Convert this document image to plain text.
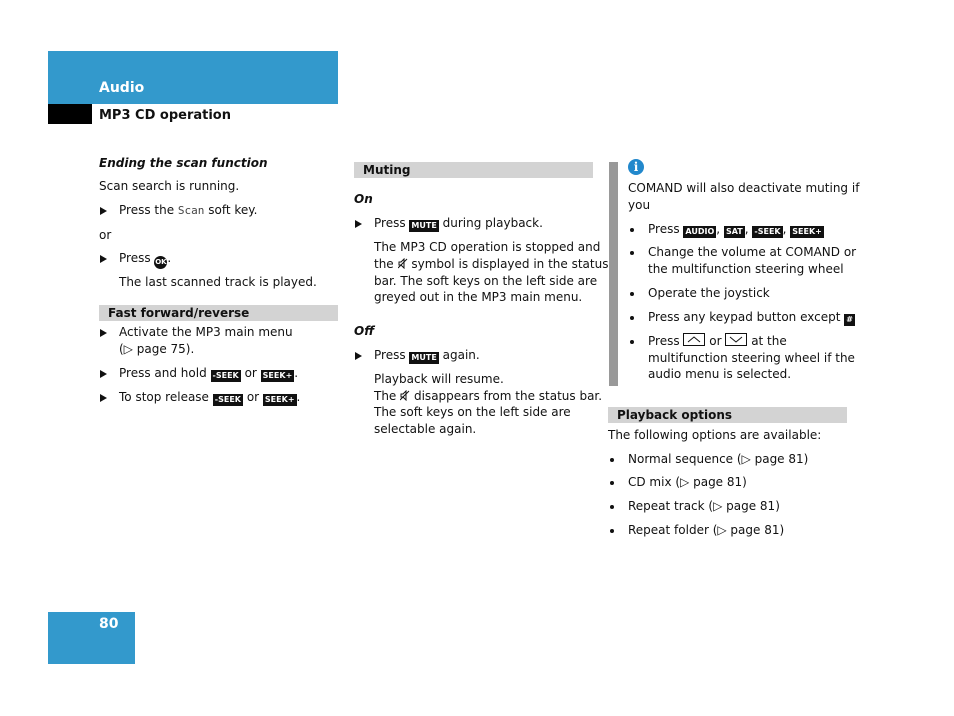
Audio
MP3 CD operation
Ending the scan function
Scan search is running.
Press the Scan soft key.
or
Press OK.
The last scanned track is played.
Fast forward/reverse
Activate the MP3 main menu
(▷ page 75).
Press and hold -SEEK or SEEK+ .
To stop release -SEEK or SEEK+ .
Muting
On
Press MUTE during playback.
The MP3 CD operation is stopped and
the symbol is displayed in the status
bar. The soft keys on the left side are
greyed out in the MP3 main menu.
Off
Press MUTE again.
Playback will resume.
The disappears from the status bar.
The soft keys on the left side are
selectable again.
i
COMAND will also deactivate muting if
you
Press AUDIO , SAT , -SEEK , SEEK+
Change the volume at COMAND or
the multifunction steering wheel
Operate the joystick
Press any keypad button except #
Press or at the
multifunction steering wheel if the
audio menu is selected.
Playback options
The following options are available:
Normal sequence (▷ page 81)
CD mix (▷ page 81)
Repeat track (▷ page 81)
Repeat folder (▷ page 81)
80
